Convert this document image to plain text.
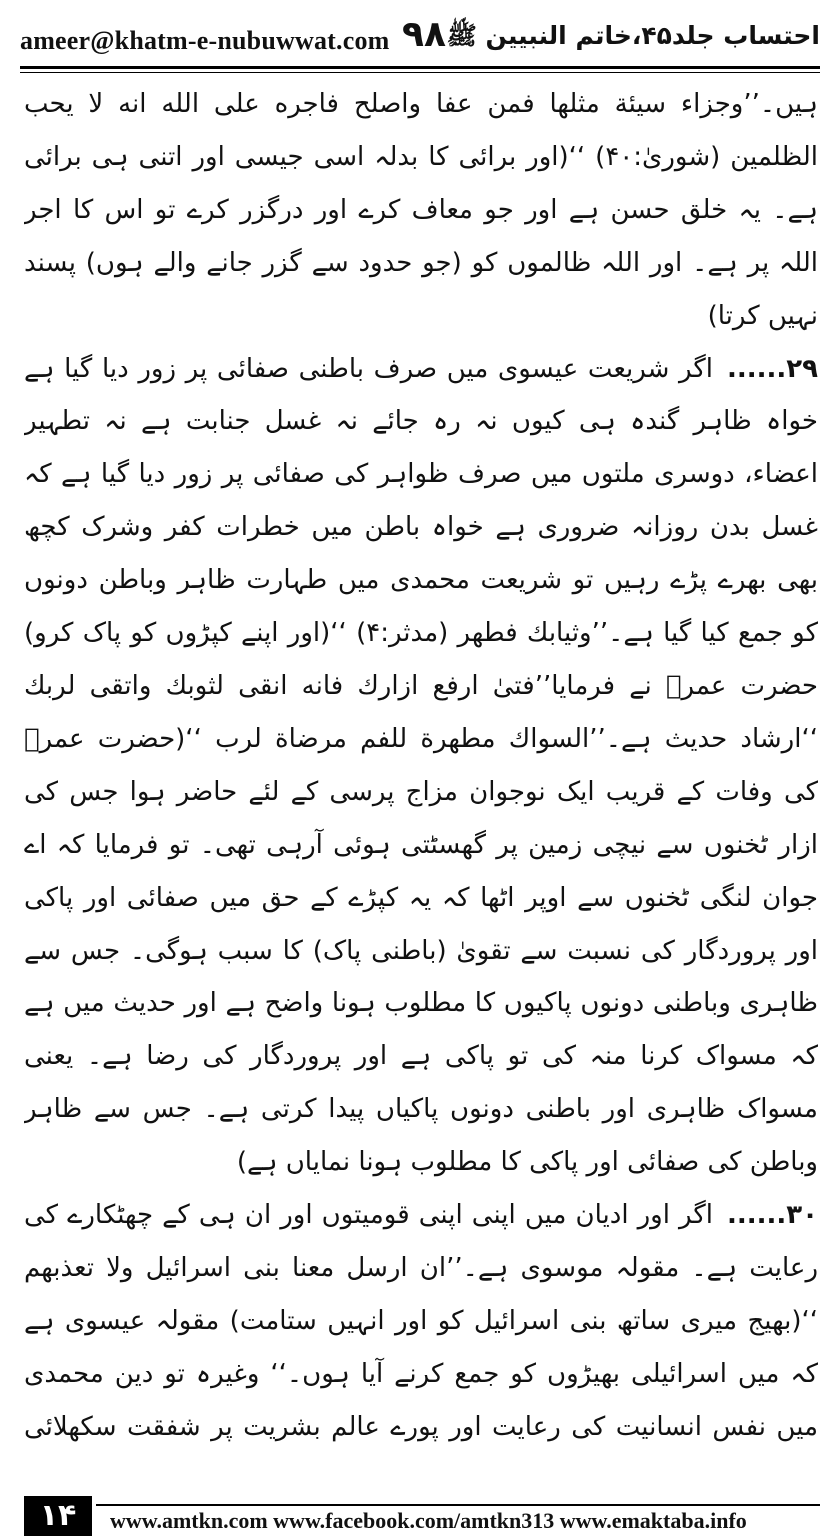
ameer@khatm-e-nubuwwat.com ۹۸ احتساب جلد۴۵،خاتم النبیین ﷺ

ہیں۔’’وجزاء سیئة مثلها فمن عفا واصلح فاجره علی الله انه لا یحب الظلمین (شوریٰ:۴۰) ‘‘(اور برائی کا بدلہ اسی جیسی اور اتنی ہی برائی ہے۔ یہ خلق حسن ہے اور جو معاف کرے اور درگزر کرے تو اس کا اجر اللہ پر ہے۔ اور اللہ ظالموں کو (جو حدود سے گزر جانے والے ہوں) پسند نہیں کرتا)

۲۹......اگر شریعت عیسوی میں صرف باطنی صفائی پر زور دیا گیا ہے خواہ ظاہر گندہ ہی کیوں نہ رہ جائے نہ غسل جنابت ہے نہ تطہیر اعضاء، دوسری ملتوں میں صرف ظواہر کی صفائی پر زور دیا گیا ہے کہ غسل بدن روزانہ ضروری ہے خواہ باطن میں خطرات کفر وشرک کچھ بھی بھرے پڑے رہیں تو شریعت محمدی میں طہارت ظاہر وباطن دونوں کو جمع کیا گیا ہے۔’’وثیابك فطهر (مدثر:۴) ‘‘(اور اپنے کپڑوں کو پاک کرو) حضرت عمرؓ نے فرمایا’’فتیٰ ارفع ازارك فانه انقی لثوبك واتقی لربك ‘‘ارشاد حدیث ہے۔’’السواك مطهرة للفم مرضاة لرب ‘‘(حضرت عمرؓ کی وفات کے قریب ایک نوجوان مزاج پرسی کے لئے حاضر ہوا جس کی ازار ٹخنوں سے نیچی زمین پر گھسٹتی ہوئی آرہی تھی۔ تو فرمایا کہ اے جوان لنگی ٹخنوں سے اوپر اٹھا کہ یہ کپڑے کے حق میں صفائی اور پاکی اور پروردگار کی نسبت سے تقویٰ (باطنی پاک) کا سبب ہوگی۔ جس سے ظاہری وباطنی دونوں پاکیوں کا مطلوب ہونا واضح ہے اور حدیث میں ہے کہ مسواک کرنا منہ کی تو پاکی ہے اور پروردگار کی رضا ہے۔ یعنی مسواک ظاہری اور باطنی دونوں پاکیاں پیدا کرتی ہے۔ جس سے ظاہر وباطن کی صفائی اور پاکی کا مطلوب ہونا نمایاں ہے)

۳۰......اگر اور ادیان میں اپنی اپنی قومیتوں اور ان ہی کے چھٹکارے کی رعایت ہے۔ مقولہ موسوی ہے۔’’ان ارسل معنا بنی اسرائیل ولا تعذبهم ‘‘(بھیج میری ساتھ بنی اسرائیل کو اور انہیں ستامت) مقولہ عیسوی ہے کہ میں اسرائیلی بھیڑوں کو جمع کرنے آیا ہوں۔‘‘ وغیرہ تو دین محمدی میں نفس انسانیت کی رعایت اور پورے عالم بشریت پر شفقت سکھلائی

۱۴	www.amtkn.com www.facebook.com/amtkn313 www.emaktaba.info
